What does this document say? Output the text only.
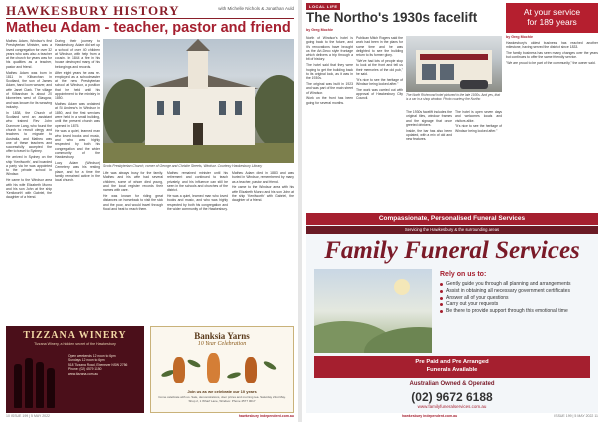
HAWKESBURY HISTORY	with Michelle Nichols & Jonathan Auld
Matheu Adam - teacher, pastor and friend

Matheu Adam, Windsor's first Presbyterian Minister, was a loved congregation for over 32 years who was also a teacher at the church for years was for his qualities as a teacher, pastor and friend.

Matheu Adam was born in 1811 in Kilbarchan in Scotland, the son of James Adam, hand loom weaver, and wife Janet Clark. The village of Kilbarchan is about 20 kilometres west of Glasgow, and was known for its weaving industry.

In 1838, the Church of Scotland sent an assistant who trained Rev John Dunmore Lang, who found the church to recruit clergy and teachers to migrate to Australia, and Matheu was one of these teachers and successfully accepted the offer to travel to Sydney.

He arrived in Sydney on the ship 'Kenilworth', and boarded a party via he was appointed to the private school in Windsor.

He came to the Windsor area with his wife Elizabeth Munro and his son John at the ship 'Kenilworth' with Gabriel, the daughter of a friend.

During their journey to Hawkesbury, Adam did set up a school of over 40 children at Windsor, with help from a cousin. In 1844 a fire in his house destroyed many of his belongings and records.

After eight years he was re-employed as a schoolmaster at the new Presbyterian school at Windsor, a position that he held until his appointment to the ministry in 1850.

Matheu Adam was ordained at St Andrew's in Windsor in 1850, and the first services were held in a small building, until the present church was opened in 1875.

He was a quiet, learned man who loved books and music, and who was highly respected by both his congregation and the wider community of the Hawkesbury.

Lucy Adam (Windsor) Cemetery was his resting place, and for a time the family remained active in the local church.

Scots Presbyterian Church, corner of George and Christie Streets, Windsor. Courtesy Hawkesbury Library

Life was always busy for the family. Matheu and his wife had several children, some of whom died young, and the local register records their names with care.

He was known for riding great distances on horseback to visit the sick and the poor, and would travel through flood and heat to reach them.

Matheu remained minister until his retirement and continued to teach privately, and his influence can still be seen in the schools and churches of the district.

He was a quiet, learned man who loved books and music, and who was highly respected by both his congregation and the wider community of the Hawkesbury.

Matheu Adam died in 1883 and was buried in Windsor, remembered by many as a teacher, pastor and friend.

He came to the Windsor area with his wife Elizabeth Munro and his son John at the ship 'Kenilworth' with Gabriel, the daughter of a friend.

TIZZANA WINERY
Tizzana Winery, a hidden secret of the Hawkesbury
Open weekends 12 noon to 6pm
Sundays 12 noon to 6pm
518 Tizzana Road, Ebenezer NSW 2756
Phone: (02) 4579 1150
www.tizzana.com.au
Banksia Yarns
10 Year Celebration
Join us as we celebrate our 10 years
Come celebrate with us. Sale, demonstrations, door prizes and morning tea. Saturday 21st May. Shop 2, 1 Wharf Lane, Windsor. Phone 4577 0017
10 ISSUE 199 | 5 MAY 2022	hawkesbury independent.com.au
LOCAL LIFE
The Northo's 1930s facelift
by Greg Mochie

North of Windsor's hotel is going back to the future, and it's renovations have brought us the Art-Deco style frontage which delivers a trip through a bit of history.

The hotel said that they were hoping to get the building back to its original look, as it was in the 1930s.

The original was built in 1923 and was part of the main street of Windsor.

Work on the front has been going for several months.

Publican Mitch Rogers said the work had been in the plans for some time and he was delighted to see the building return to its former glory.

"We've had lots of people stop to look at the front and tell us their memories of the old pub," he said.

"It's nice to see the heritage of Windsor being looked after."

The work was carried out with approval of Hawkesbury City Council.

The North Richmond hotel pictured in the late 1930s. And yes, that is a car in a shop window. Photo courtesy the Northo

The 1930s facelift includes the original tiles, window frames and the signage that once greeted drinkers.

Inside, the bar has also been updated, with a mix of old and new features.

The hotel is open seven days and welcomes locals and visitors alike.

"It's nice to see the heritage of Windsor being looked after."

At your service
for 189 years
by Greg Mochie

Hawkesbury's oldest business has reached another milestone, having served the district since 1833.

The family business has seen many changes over the years but continues to offer the same friendly service.

"We are proud to be part of the community," the owner said.

Compassionate, Personalised Funeral Services
Servicing the Hawkesbury & the surrounding areas
Family Funeral Services
Rely on us to:
Gently guide you through all planning and arrangements
Assist in obtaining all necessary government certificates
Answer all of your questions
Carry out your requests
Be there to provide support through this emotional time
Pre Paid and Pre Arranged
Funerals Available
Australian Owned & Operated
(02) 9672 6188
www.familyfuneralservices.com.au
hawkesbury independent.com.au	ISSUE 199 | 5 MAY 2022 11
